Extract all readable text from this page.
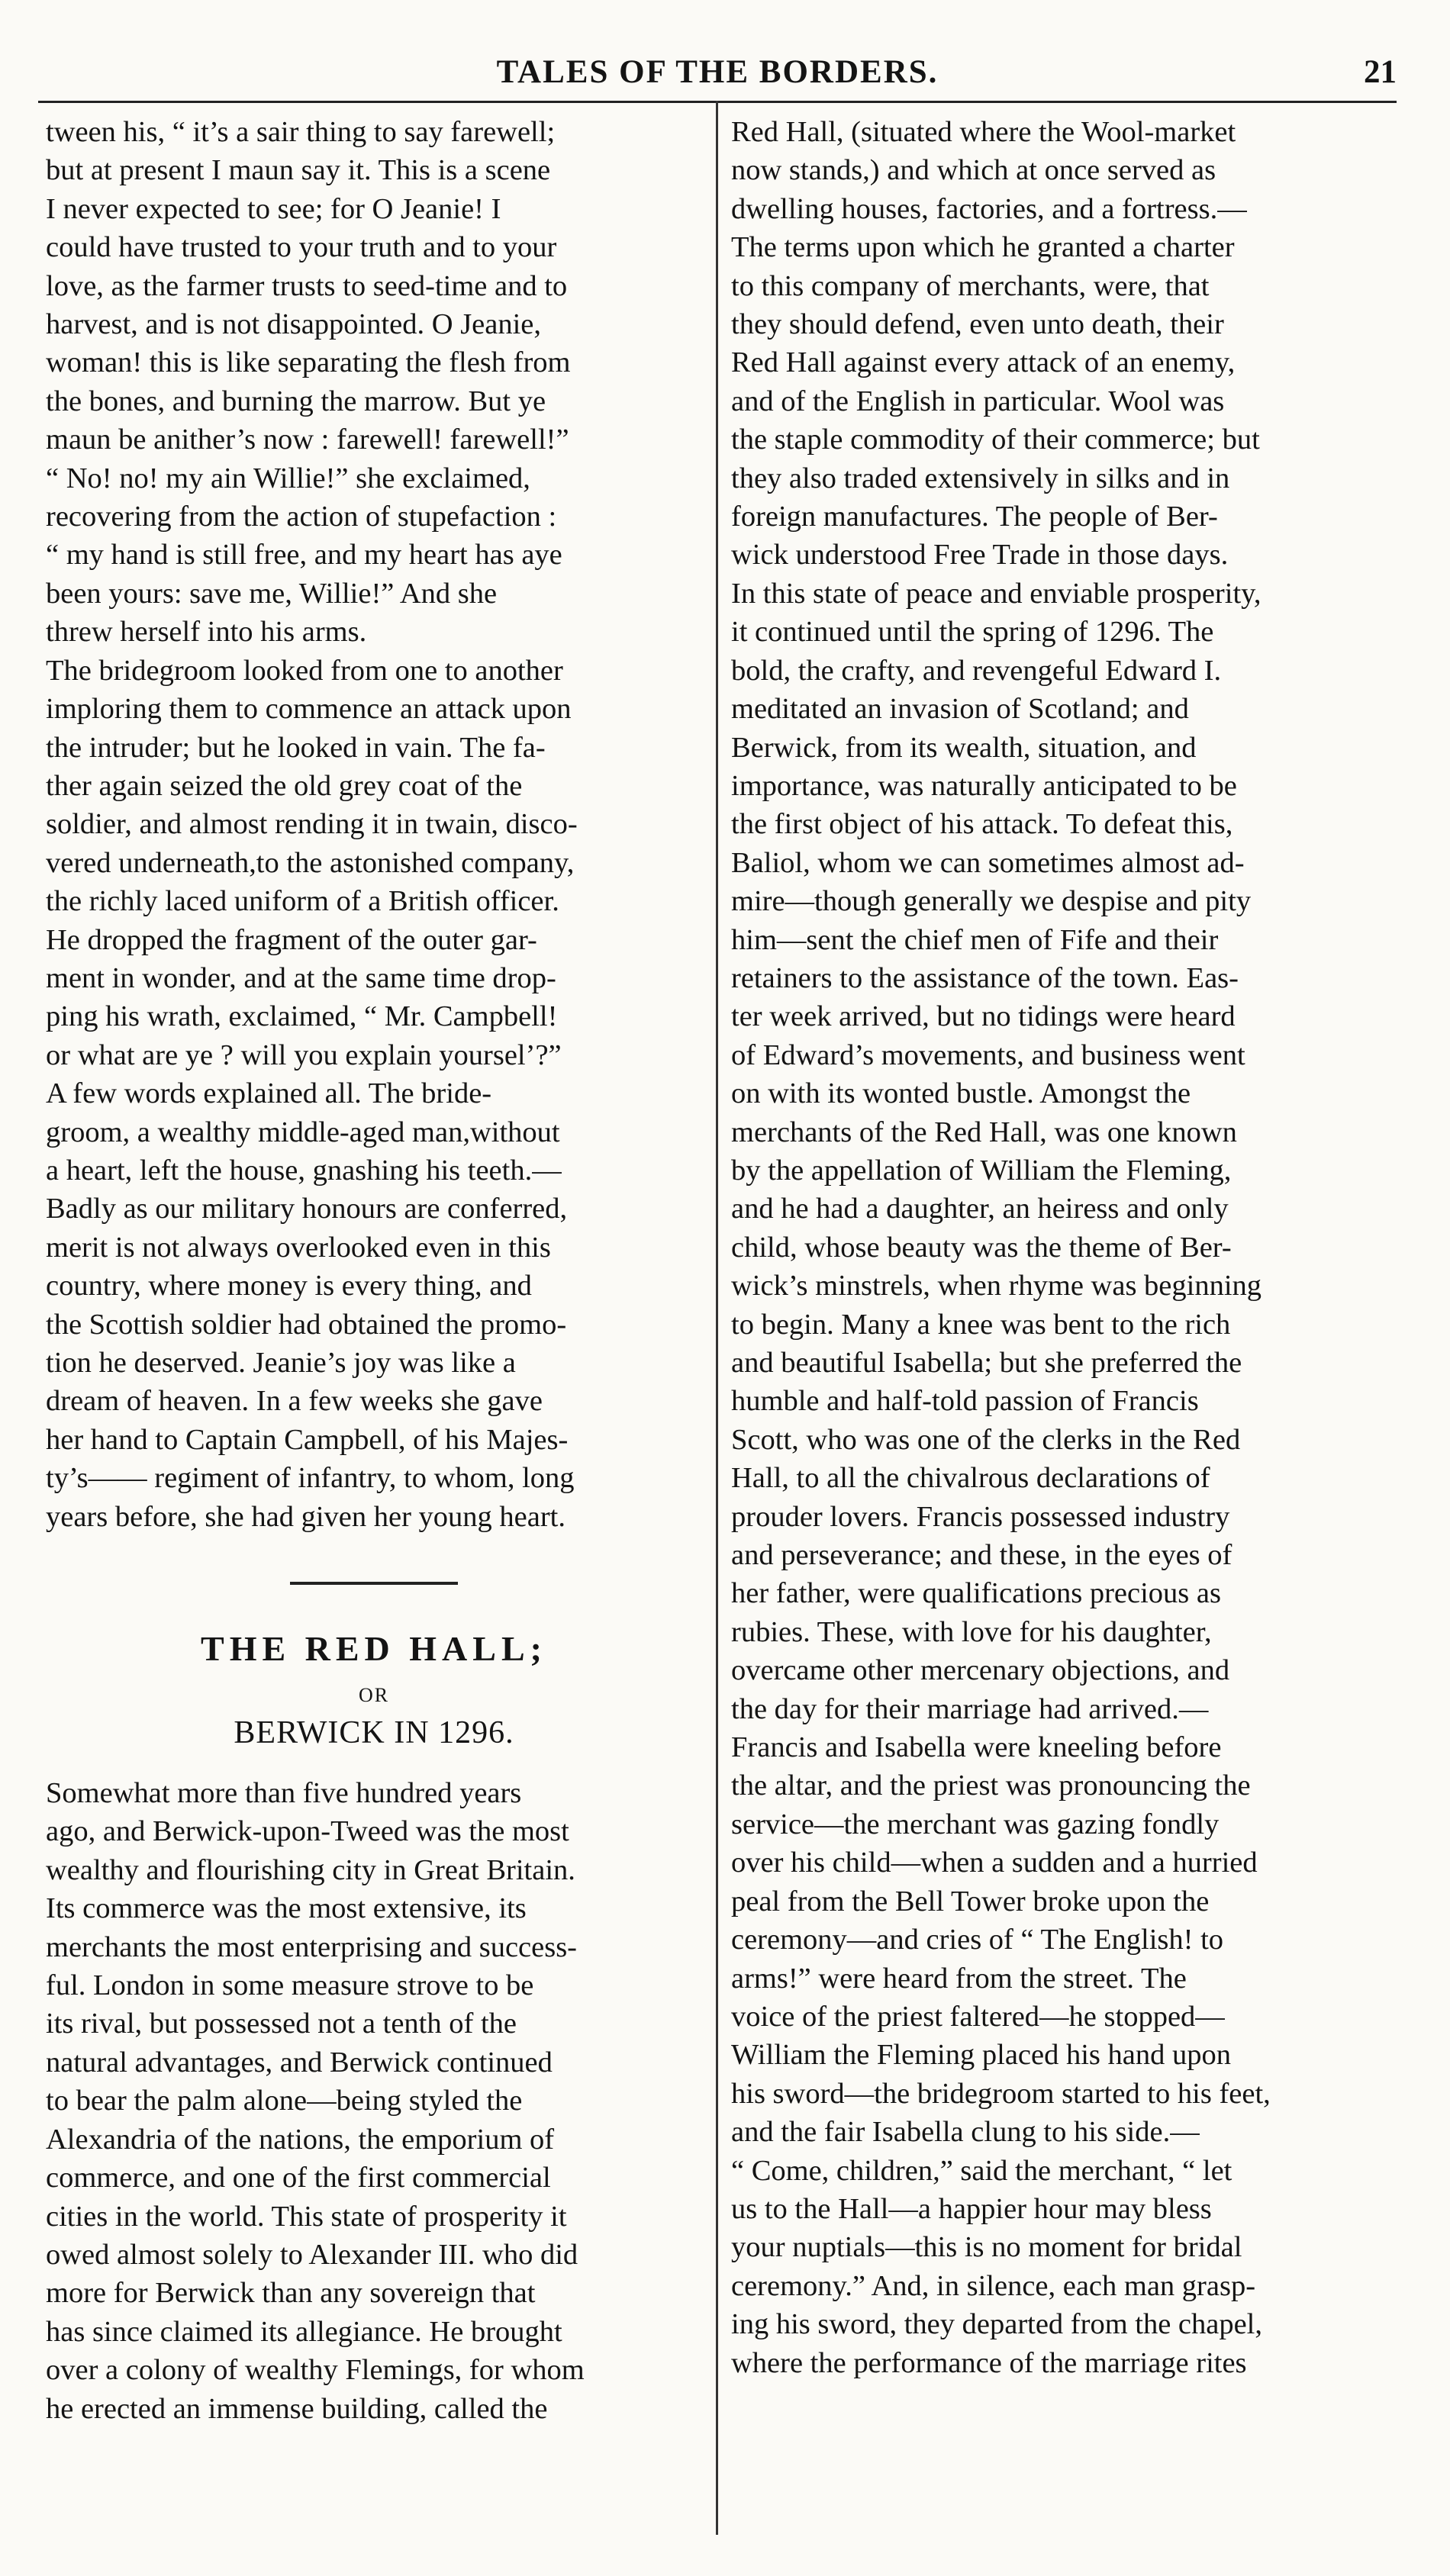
TALES OF THE BORDERS.	21

tween his, “ it’s a sair thing to say farewell;
but at present I maun say it. This is a scene
I never expected to see; for O Jeanie! I
could have trusted to your truth and to your
love, as the farmer trusts to seed-time and to
harvest, and is not disappointed. O Jeanie,
woman! this is like separating the flesh from
the bones, and burning the marrow. But ye
maun be anither’s now : farewell! farewell!”

“ No! no! my ain Willie!” she exclaimed,
recovering from the action of stupefaction :
“ my hand is still free, and my heart has aye
been yours: save me, Willie!” And she
threw herself into his arms.

The bridegroom looked from one to another
imploring them to commence an attack upon
the intruder; but he looked in vain. The fa-
ther again seized the old grey coat of the
soldier, and almost rending it in twain, disco-
vered underneath,to the astonished company,
the richly laced uniform of a British officer.
He dropped the fragment of the outer gar-
ment in wonder, and at the same time drop-
ping his wrath, exclaimed, “ Mr. Campbell!
or what are ye ? will you explain yoursel’?”

A few words explained all. The bride-
groom, a wealthy middle-aged man,without
a heart, left the house, gnashing his teeth.—
Badly as our military honours are conferred,
merit is not always overlooked even in this
country, where money is every thing, and
the Scottish soldier had obtained the promo-
tion he deserved. Jeanie’s joy was like a
dream of heaven. In a few weeks she gave
her hand to Captain Campbell, of his Majes-
ty’s—— regiment of infantry, to whom, long
years before, she had given her young heart.

THE RED HALL;
OR
BERWICK IN 1296.

Somewhat more than five hundred years
ago, and Berwick-upon-Tweed was the most
wealthy and flourishing city in Great Britain.
Its commerce was the most extensive, its
merchants the most enterprising and success-
ful. London in some measure strove to be
its rival, but possessed not a tenth of the
natural advantages, and Berwick continued
to bear the palm alone—being styled the
Alexandria of the nations, the emporium of
commerce, and one of the first commercial
cities in the world. This state of prosperity it
owed almost solely to Alexander III. who did
more for Berwick than any sovereign that
has since claimed its allegiance. He brought
over a colony of wealthy Flemings, for whom
he erected an immense building, called the

Red Hall, (situated where the Wool-market
now stands,) and which at once served as
dwelling houses, factories, and a fortress.—
The terms upon which he granted a charter
to this company of merchants, were, that
they should defend, even unto death, their
Red Hall against every attack of an enemy,
and of the English in particular. Wool was
the staple commodity of their commerce; but
they also traded extensively in silks and in
foreign manufactures. The people of Ber-
wick understood Free Trade in those days.
In this state of peace and enviable prosperity,
it continued until the spring of 1296. The
bold, the crafty, and revengeful Edward I.
meditated an invasion of Scotland; and
Berwick, from its wealth, situation, and
importance, was naturally anticipated to be
the first object of his attack. To defeat this,
Baliol, whom we can sometimes almost ad-
mire—though generally we despise and pity
him—sent the chief men of Fife and their
retainers to the assistance of the town. Eas-
ter week arrived, but no tidings were heard
of Edward’s movements, and business went
on with its wonted bustle. Amongst the
merchants of the Red Hall, was one known
by the appellation of William the Fleming,
and he had a daughter, an heiress and only
child, whose beauty was the theme of Ber-
wick’s minstrels, when rhyme was beginning
to begin. Many a knee was bent to the rich
and beautiful Isabella; but she preferred the
humble and half-told passion of Francis
Scott, who was one of the clerks in the Red
Hall, to all the chivalrous declarations of
prouder lovers. Francis possessed industry
and perseverance; and these, in the eyes of
her father, were qualifications precious as
rubies. These, with love for his daughter,
overcame other mercenary objections, and
the day for their marriage had arrived.—
Francis and Isabella were kneeling before
the altar, and the priest was pronouncing the
service—the merchant was gazing fondly
over his child—when a sudden and a hurried
peal from the Bell Tower broke upon the
ceremony—and cries of “ The English! to
arms!” were heard from the street. The
voice of the priest faltered—he stopped—
William the Fleming placed his hand upon
his sword—the bridegroom started to his feet,
and the fair Isabella clung to his side.—
“ Come, children,” said the merchant, “ let
us to the Hall—a happier hour may bless
your nuptials—this is no moment for bridal
ceremony.” And, in silence, each man grasp-
ing his sword, they departed from the chapel,
where the performance of the marriage rites
